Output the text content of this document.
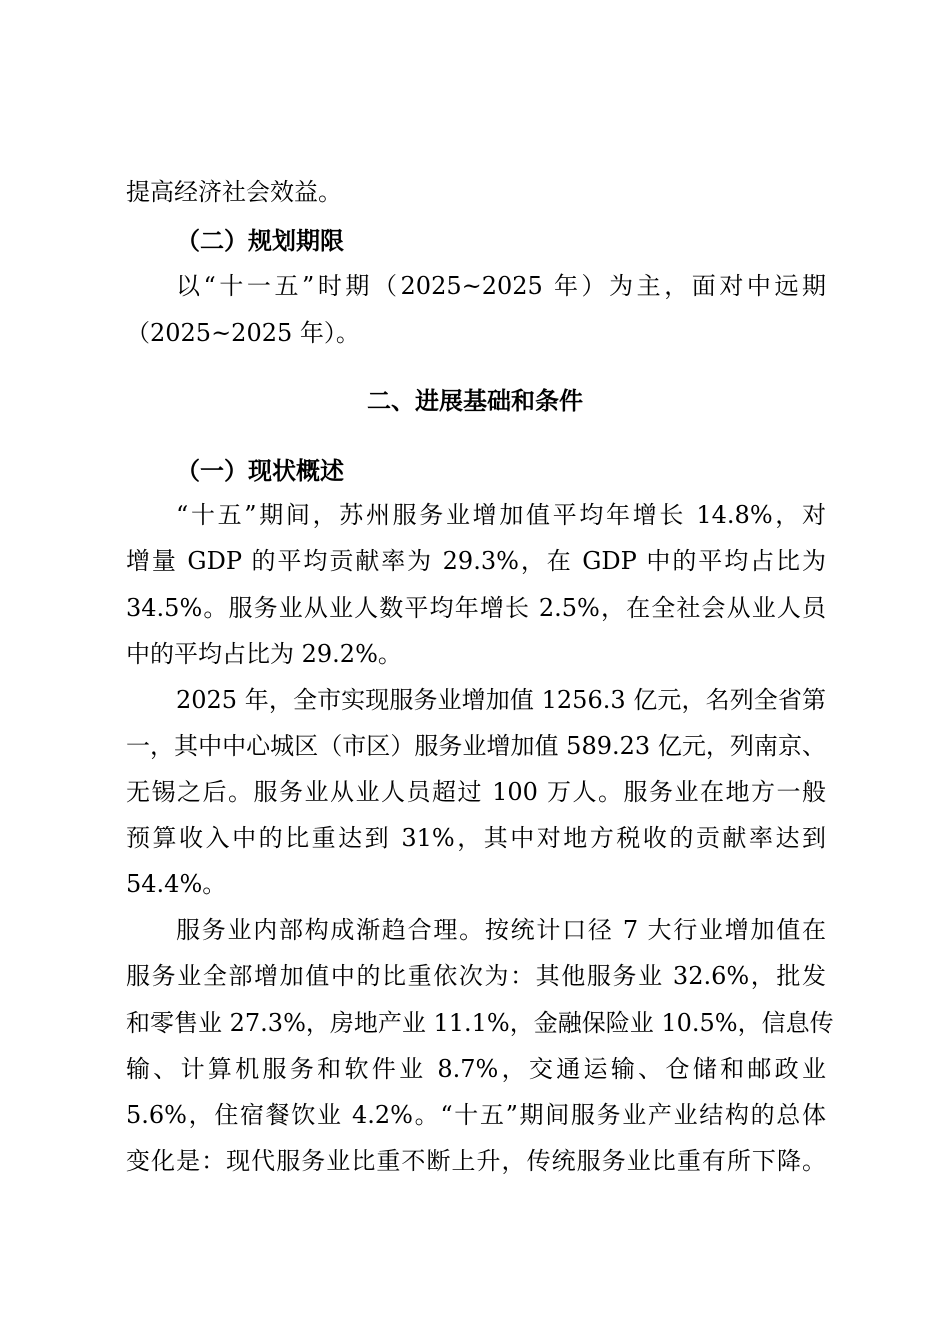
提高经济社会效益。
（二）规划期限
以“十一五”时期（2025~2025 年）为主，面对中远期
（2025~2025 年）。
二、进展基础和条件
（一）现状概述
“十五”期间，苏州服务业增加值平均年增长 14.8%，对
增量 GDP 的平均贡献率为 29.3%，在 GDP 中的平均占比为
34.5%。服务业从业人数平均年增长 2.5%，在全社会从业人员
中的平均占比为 29.2%。
2025 年，全市实现服务业增加值 1256.3 亿元，名列全省第
一，其中中心城区（市区）服务业增加值 589.23 亿元，列南京、
无锡之后。服务业从业人员超过 100 万人。服务业在地方一般
预算收入中的比重达到 31%，其中对地方税收的贡献率达到
54.4%。
服务业内部构成渐趋合理。按统计口径 7 大行业增加值在
服务业全部增加值中的比重依次为：其他服务业 32.6%，批发
和零售业 27.3%，房地产业 11.1%，金融保险业 10.5%，信息传
输、计算机服务和软件业 8.7%，交通运输、仓储和邮政业
5.6%，住宿餐饮业 4.2%。“十五”期间服务业产业结构的总体
变化是：现代服务业比重不断上升，传统服务业比重有所下降。
